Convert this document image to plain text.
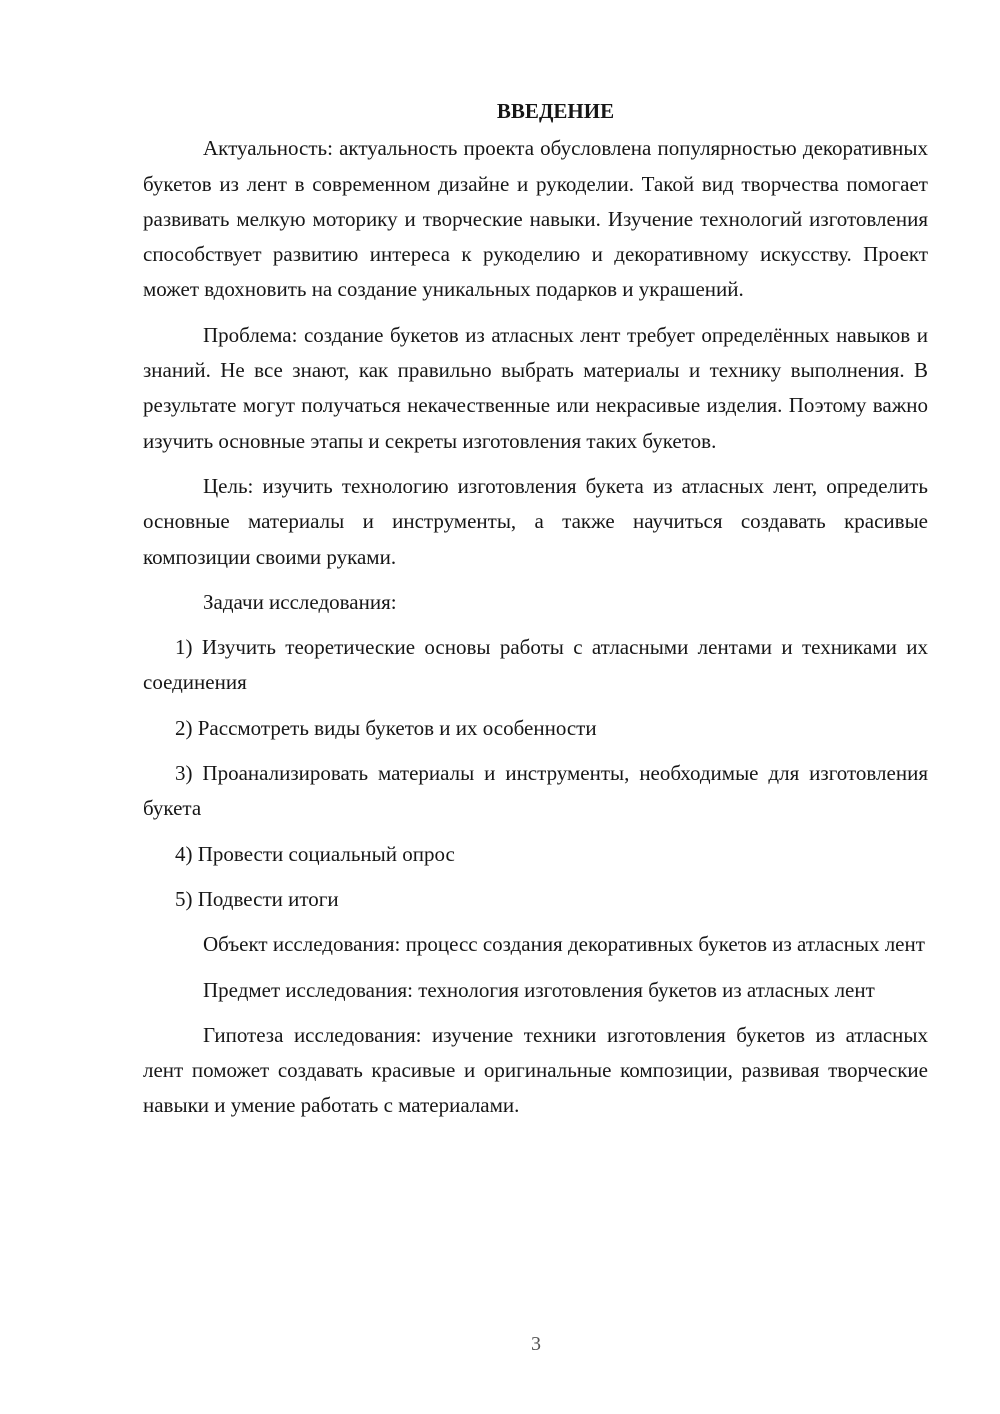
ВВЕДЕНИЕ

Актуальность: актуальность проекта обусловлена популярностью декоративных букетов из лент в современном дизайне и рукоделии. Такой вид творчества помогает развивать мелкую моторику и творческие навыки. Изучение технологий изготовления способствует развитию интереса к рукоделию и декоративному искусству. Проект может вдохновить на создание уникальных подарков и украшений.

Проблема: создание букетов из атласных лент требует определённых навыков и знаний. Не все знают, как правильно выбрать материалы и технику выполнения. В результате могут получаться некачественные или некрасивые изделия. Поэтому важно изучить основные этапы и секреты изготовления таких букетов.

Цель: изучить технологию изготовления букета из атласных лент, определить основные материалы и инструменты, а также научиться создавать красивые композиции своими руками.

Задачи исследования:

1) Изучить теоретические основы работы с атласными лентами и техниками их соединения

2) Рассмотреть виды букетов и их особенности

3) Проанализировать материалы и инструменты, необходимые для изготовления букета

4) Провести социальный опрос

5) Подвести итоги

Объект исследования: процесс создания декоративных букетов из атласных лент

Предмет исследования: технология изготовления букетов из атласных лент

Гипотеза исследования: изучение техники изготовления букетов из атласных лент поможет создавать красивые и оригинальные композиции, развивая творческие навыки и умение работать с материалами.

3
